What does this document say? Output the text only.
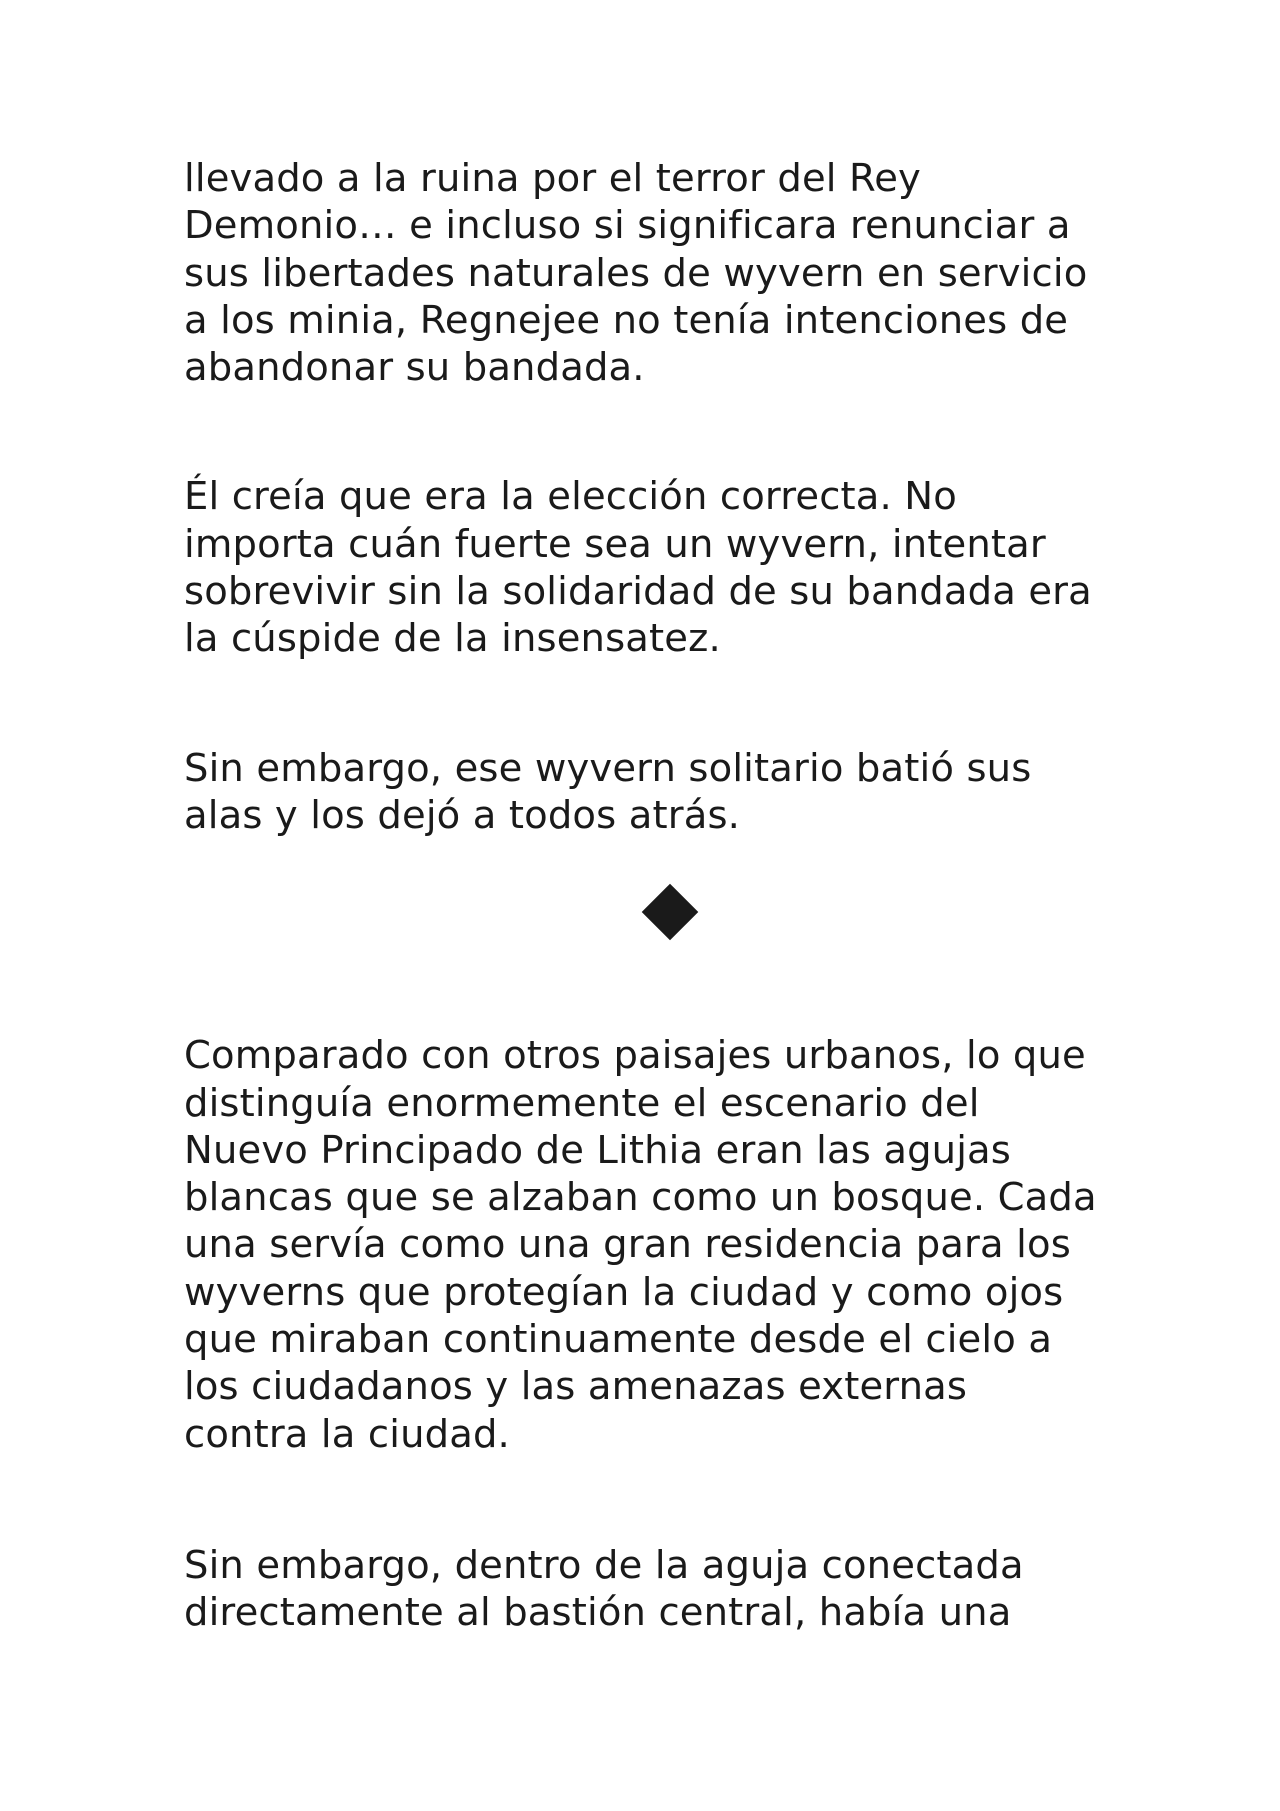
llevado a la ruina por el terror del Rey
Demonio… e incluso si significara renunciar a
sus libertades naturales de wyvern en servicio
a los minia, Regnejee no tenía intenciones de
abandonar su bandada.

Él creía que era la elección correcta. No
importa cuán fuerte sea un wyvern, intentar
sobrevivir sin la solidaridad de su bandada era
la cúspide de la insensatez.

Sin embargo, ese wyvern solitario batió sus
alas y los dejó a todos atrás.

Comparado con otros paisajes urbanos, lo que
distinguía enormemente el escenario del
Nuevo Principado de Lithia eran las agujas
blancas que se alzaban como un bosque. Cada
una servía como una gran residencia para los
wyverns que protegían la ciudad y como ojos
que miraban continuamente desde el cielo a
los ciudadanos y las amenazas externas
contra la ciudad.

Sin embargo, dentro de la aguja conectada
directamente al bastión central, había una
